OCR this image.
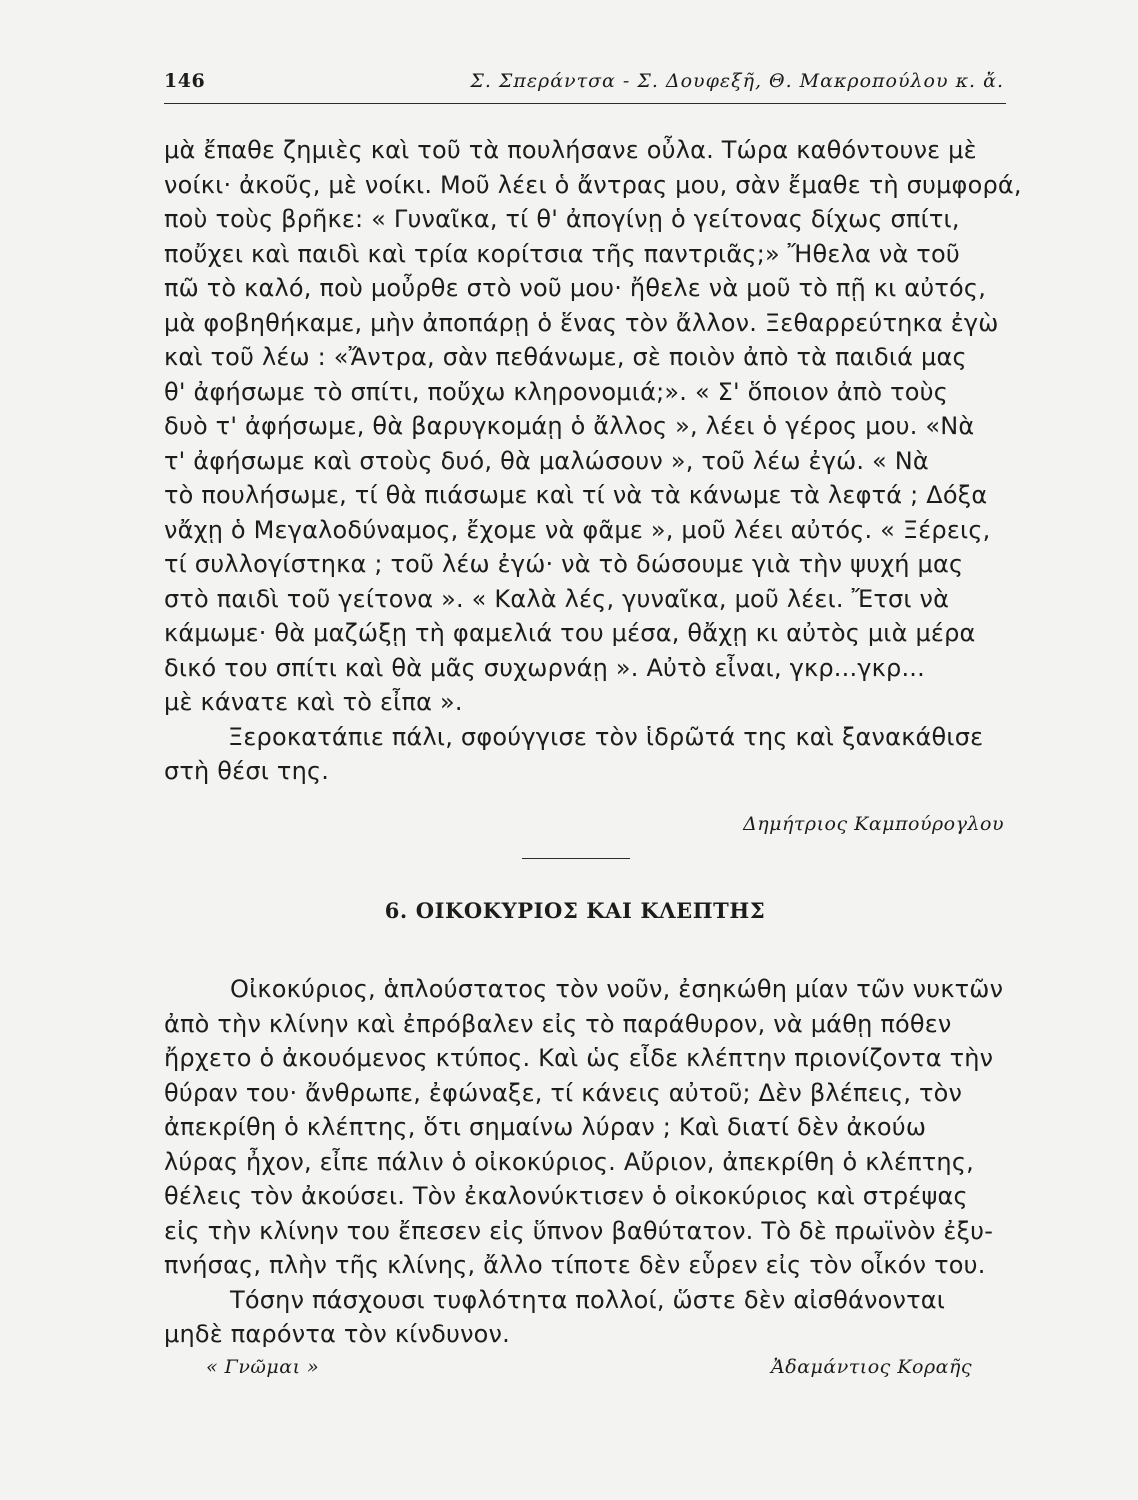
146	Σ. Σπεράντσα - Σ. Δουφεξῆ, Θ. Μακροπούλου κ. ἄ.
μὰ ἔπαθε ζημιὲς καὶ τοῦ τὰ πουλήσανε οὖλα. Τώρα καθόντουνε μὲ
νοίκι· ἀκοῦς, μὲ νοίκι. Μοῦ λέει ὁ ἄντρας μου, σὰν ἔμαθε τὴ συμφορά,
ποὺ τοὺς βρῆκε: « Γυναῖκα, τί θ' ἀπογίνῃ ὁ γείτονας δίχως σπίτι,
ποὔχει καὶ παιδὶ καὶ τρία κορίτσια τῆς παντριᾶς;» Ἤθελα νὰ τοῦ
πῶ τὸ καλό, ποὺ μοὖρθε στὸ νοῦ μου· ἤθελε νὰ μοῦ τὸ πῇ κι αὐτός,
μὰ φοβηθήκαμε, μὴν ἀποπάρῃ ὁ ἕνας τὸν ἄλλον. Ξεθαρρεύτηκα ἐγὼ
καὶ τοῦ λέω : «Ἄντρα, σὰν πεθάνωμε, σὲ ποιὸν ἀπὸ τὰ παιδιά μας
θ' ἀφήσωμε τὸ σπίτι, ποὔχω κληρονομιά;». « Σ' ὅποιον ἀπὸ τοὺς
δυὸ τ' ἀφήσωμε, θὰ βαρυγκομάῃ ὁ ἄλλος », λέει ὁ γέρος μου. «Νὰ
τ' ἀφήσωμε καὶ στοὺς δυό, θὰ μαλώσουν », τοῦ λέω ἐγώ. « Νὰ
τὸ πουλήσωμε, τί θὰ πιάσωμε καὶ τί νὰ τὰ κάνωμε τὰ λεφτά ; Δόξα
νἄχῃ ὁ Μεγαλοδύναμος, ἔχομε νὰ φᾶμε », μοῦ λέει αὐτός. « Ξέρεις,
τί συλλογίστηκα ; τοῦ λέω ἐγώ· νὰ τὸ δώσουμε γιὰ τὴν ψυχή μας
στὸ παιδὶ τοῦ γείτονα ». « Καλὰ λές, γυναῖκα, μοῦ λέει. Ἔτσι νὰ
κάμωμε· θὰ μαζώξῃ τὴ φαμελιά του μέσα, θἄχῃ κι αὐτὸς μιὰ μέρα
δικό του σπίτι καὶ θὰ μᾶς συχωρνάῃ ». Αὐτὸ εἶναι, γκρ...γκρ...
μὲ κάνατε καὶ τὸ εἶπα ».
Ξεροκατάπιε πάλι, σφούγγισε τὸν ἱδρῶτά της καὶ ξανακάθισε
στὴ θέσι της.
Δημήτριος Καμπούρογλου
6. ΟΙΚΟΚΥΡΙΟΣ ΚΑΙ ΚΛΕΠΤΗΣ
Οἰκοκύριος, ἁπλούστατος τὸν νοῦν, ἐσηκώθη μίαν τῶν νυκτῶν
ἀπὸ τὴν κλίνην καὶ ἐπρόβαλεν εἰς τὸ παράθυρον, νὰ μάθῃ πόθεν
ἤρχετο ὁ ἀκουόμενος κτύπος. Καὶ ὡς εἶδε κλέπτην πριονίζοντα τὴν
θύραν του· ἄνθρωπε, ἐφώναξε, τί κάνεις αὐτοῦ; Δὲν βλέπεις, τὸν
ἀπεκρίθη ὁ κλέπτης, ὅτι σημαίνω λύραν ; Καὶ διατί δὲν ἀκούω
λύρας ἦχον, εἶπε πάλιν ὁ οἰκοκύριος. Αὔριον, ἀπεκρίθη ὁ κλέπτης,
θέλεις τὸν ἀκούσει. Τὸν ἐκαλονύκτισεν ὁ οἰκοκύριος καὶ στρέψας
εἰς τὴν κλίνην του ἔπεσεν εἰς ὕπνον βαθύτατον. Τὸ δὲ πρωϊνὸν ἐξυ-
πνήσας, πλὴν τῆς κλίνης, ἄλλο τίποτε δὲν εὗρεν εἰς τὸν οἶκόν του.
Τόσην πάσχουσι τυφλότητα πολλοί, ὥστε δὲν αἰσθάνονται
μηδὲ παρόντα τὸν κίνδυνον.
« Γνῶμαι »	Ἀδαμάντιος Κοραῆς
